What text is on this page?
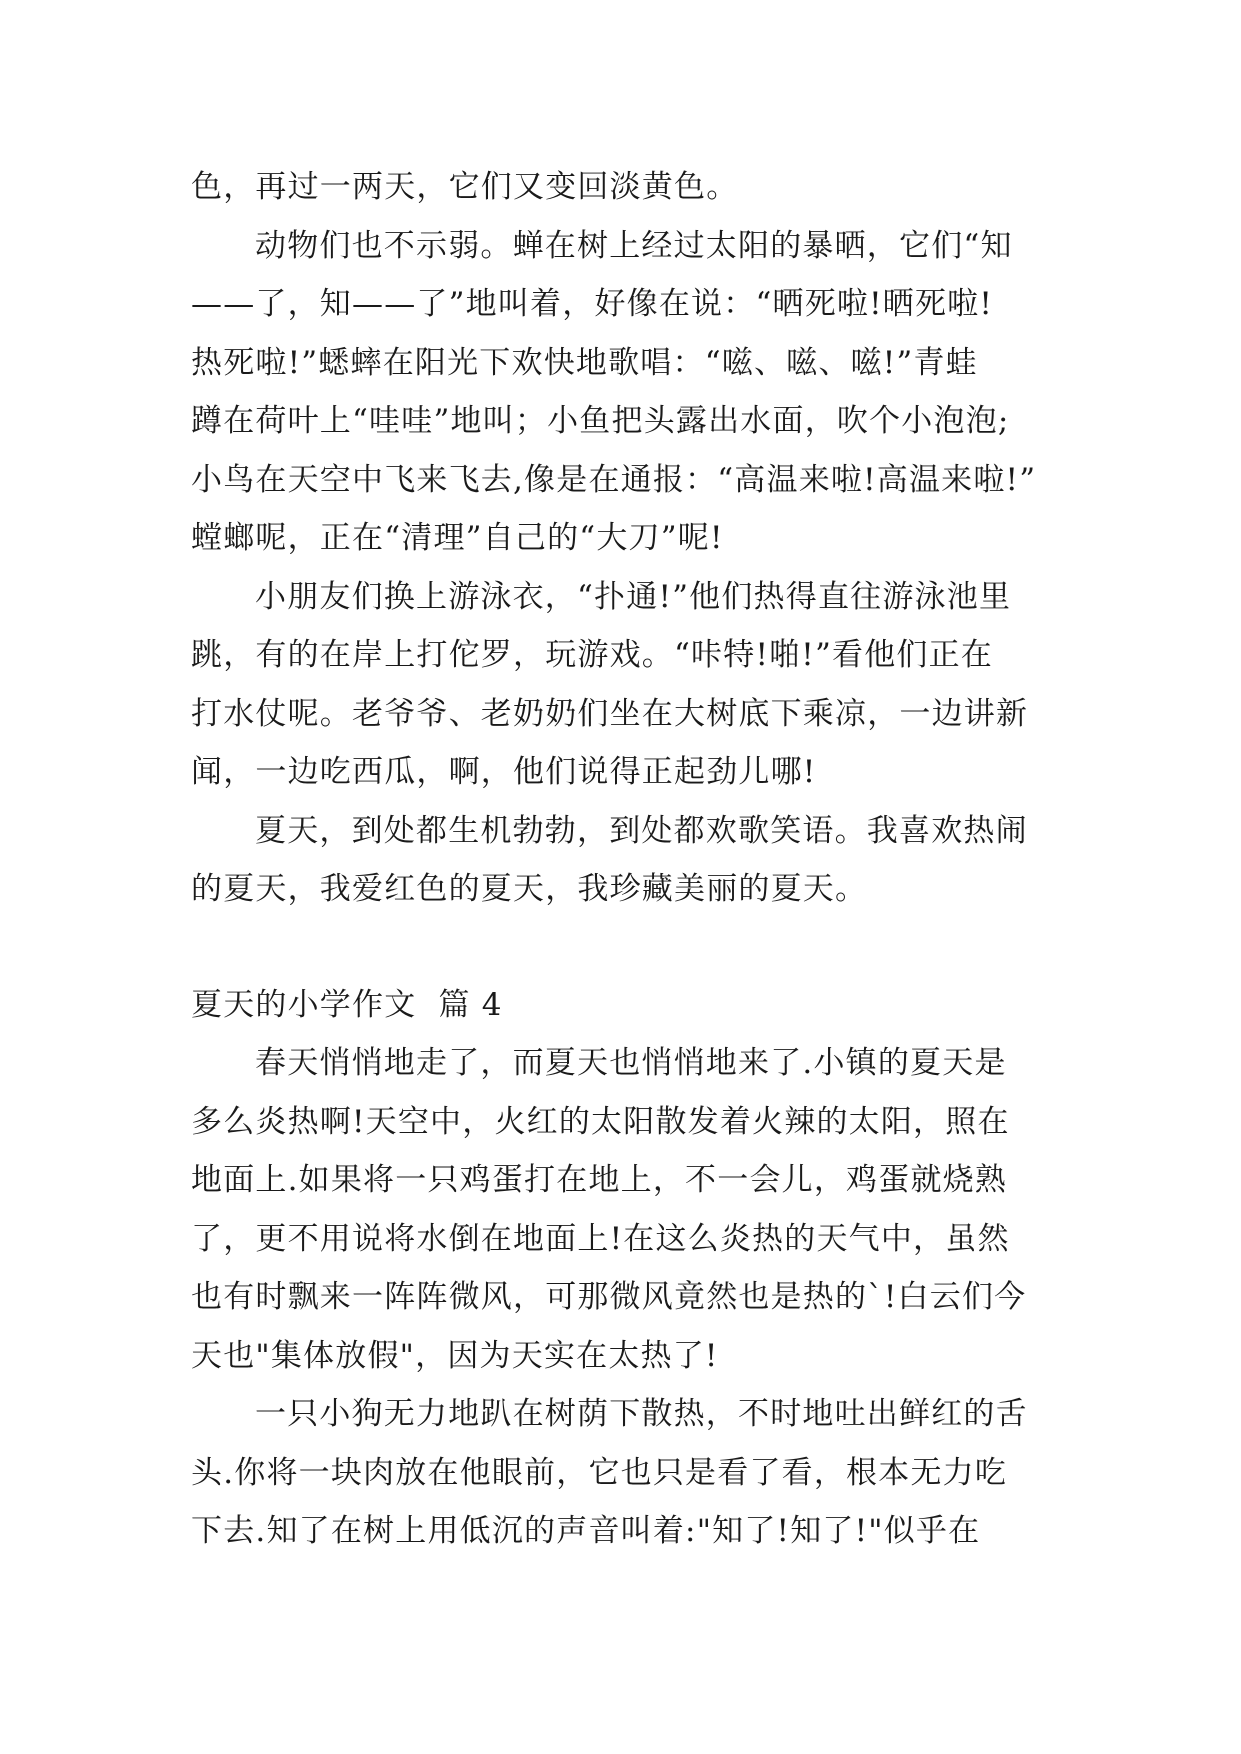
色，再过一两天，它们又变回淡黄色。
动物们也不示弱。蝉在树上经过太阳的暴晒，它们“知
——了，知——了”地叫着，好像在说：“晒死啦!晒死啦!
热死啦!”蟋蟀在阳光下欢快地歌唱：“嗞、嗞、嗞!”青蛙
蹲在荷叶上“哇哇”地叫；小鱼把头露出水面，吹个小泡泡;
小鸟在天空中飞来飞去,像是在通报：“高温来啦!高温来啦!”
螳螂呢，正在“清理”自己的“大刀”呢!
小朋友们换上游泳衣，“扑通!”他们热得直往游泳池里
跳，有的在岸上打佗罗，玩游戏。“咔特!啪!”看他们正在
打水仗呢。老爷爷、老奶奶们坐在大树底下乘凉，一边讲新
闻，一边吃西瓜，啊，他们说得正起劲儿哪!
夏天，到处都生机勃勃，到处都欢歌笑语。我喜欢热闹
的夏天，我爱红色的夏天，我珍藏美丽的夏天。
夏天的小学作文  篇 4
春天悄悄地走了，而夏天也悄悄地来了.小镇的夏天是
多么炎热啊!天空中，火红的太阳散发着火辣的太阳，照在
地面上.如果将一只鸡蛋打在地上，不一会儿，鸡蛋就烧熟
了，更不用说将水倒在地面上!在这么炎热的天气中，虽然
也有时飘来一阵阵微风，可那微风竟然也是热的`!白云们今
天也"集体放假"，因为天实在太热了!
一只小狗无力地趴在树荫下散热，不时地吐出鲜红的舌
头.你将一块肉放在他眼前，它也只是看了看，根本无力吃
下去.知了在树上用低沉的声音叫着:"知了!知了!"似乎在
